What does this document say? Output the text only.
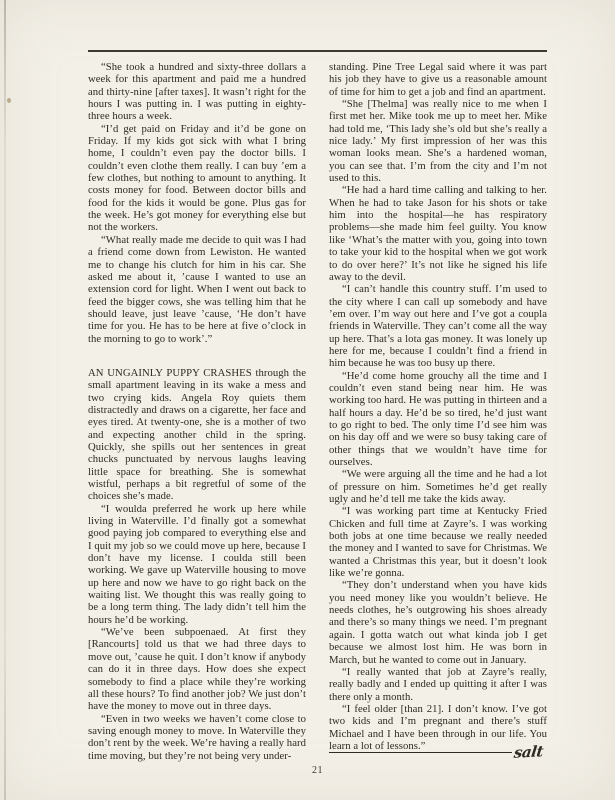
“She took a hundred and sixty-three dollars a week for this apartment and paid me a hundred and thirty-nine [after taxes]. It wasn’t right for the hours I was putting in. I was putting in eighty-three hours a week.

“I’d get paid on Friday and it’d be gone on Friday. If my kids got sick with what I bring home, I couldn’t even pay the doctor bills. I couldn’t even clothe them really. I can buy ’em a few clothes, but nothing to amount to anything. It costs money for food. Between doctor bills and food for the kids it would be gone. Plus gas for the week. He’s got money for everything else but not the workers.

“What really made me decide to quit was I had a friend come down from Lewiston. He wanted me to change his clutch for him in his car. She asked me about it, ’cause I wanted to use an extension cord for light. When I went out back to feed the bigger cows, she was telling him that he should leave, just leave ’cause, ‘He don’t have time for you. He has to be here at five o’clock in the morning to go to work’.”

AN UNGAINLY PUPPY CRASHES through the small apartment leaving in its wake a mess and two crying kids. Angela Roy quiets them distractedly and draws on a cigarette, her face and eyes tired. At twenty-one, she is a mother of two and expecting another child in the spring. Quickly, she spills out her sentences in great chucks punctuated by nervous laughs leaving little space for breathing. She is somewhat wistful, perhaps a bit regretful of some of the choices she’s made.

“I woulda preferred he work up here while living in Waterville. I’d finally got a somewhat good paying job compared to everything else and I quit my job so we could move up here, because I don’t have my license. I coulda still been working. We gave up Waterville housing to move up here and now we have to go right back on the waiting list. We thought this was really going to be a long term thing. The lady didn’t tell him the hours he’d be working.

“We’ve been subpoenaed. At first they [Rancourts] told us that we had three days to move out, ’cause he quit. I don’t know if anybody can do it in three days. How does she expect somebody to find a place while they’re working all these hours? To find another job? We just don’t have the money to move out in three days.

“Even in two weeks we haven’t come close to saving enough money to move. In Waterville they don’t rent by the week. We’re having a really hard time moving, but they’re not being very under-

standing. Pine Tree Legal said where it was part his job they have to give us a reasonable amount of time for him to get a job and find an apartment.

“She [Thelma] was really nice to me when I first met her. Mike took me up to meet her. Mike had told me, ‘This lady she’s old but she’s really a nice lady.’ My first impression of her was this woman looks mean. She’s a hardened woman, you can see that. I’m from the city and I’m not used to this.

“He had a hard time calling and talking to her. When he had to take Jason for his shots or take him into the hospital—he has respiratory problems—she made him feel guilty. You know like ‘What’s the matter with you, going into town to take your kid to the hospital when we got work to do over here?’ It’s not like he signed his life away to the devil.

“I can’t handle this country stuff. I’m used to the city where I can call up somebody and have ’em over. I’m way out here and I’ve got a coupla friends in Waterville. They can’t come all the way up here. That’s a lota gas money. It was lonely up here for me, because I couldn’t find a friend in him because he was too busy up there.

“He’d come home grouchy all the time and I couldn’t even stand being near him. He was working too hard. He was putting in thirteen and a half hours a day. He’d be so tired, he’d just want to go right to bed. The only time I’d see him was on his day off and we were so busy taking care of other things that we wouldn’t have time for ourselves.

“We were arguing all the time and he had a lot of pressure on him. Sometimes he’d get really ugly and he’d tell me take the kids away.

“I was working part time at Kentucky Fried Chicken and full time at Zayre’s. I was working both jobs at one time because we really needed the money and I wanted to save for Christmas. We wanted a Christmas this year, but it doesn’t look like we’re gonna.

“They don’t understand when you have kids you need money like you wouldn’t believe. He needs clothes, he’s outgrowing his shoes already and there’s so many things we need. I’m pregnant again. I gotta watch out what kinda job I get because we almost lost him. He was born in March, but he wanted to come out in January.

“I really wanted that job at Zayre’s really, really badly and I ended up quitting it after I was there only a month.

“I feel older [than 21]. I don’t know. I’ve got two kids and I’m pregnant and there’s stuff Michael and I have been through in our life. You learn a lot of lessons.”	salt
21
